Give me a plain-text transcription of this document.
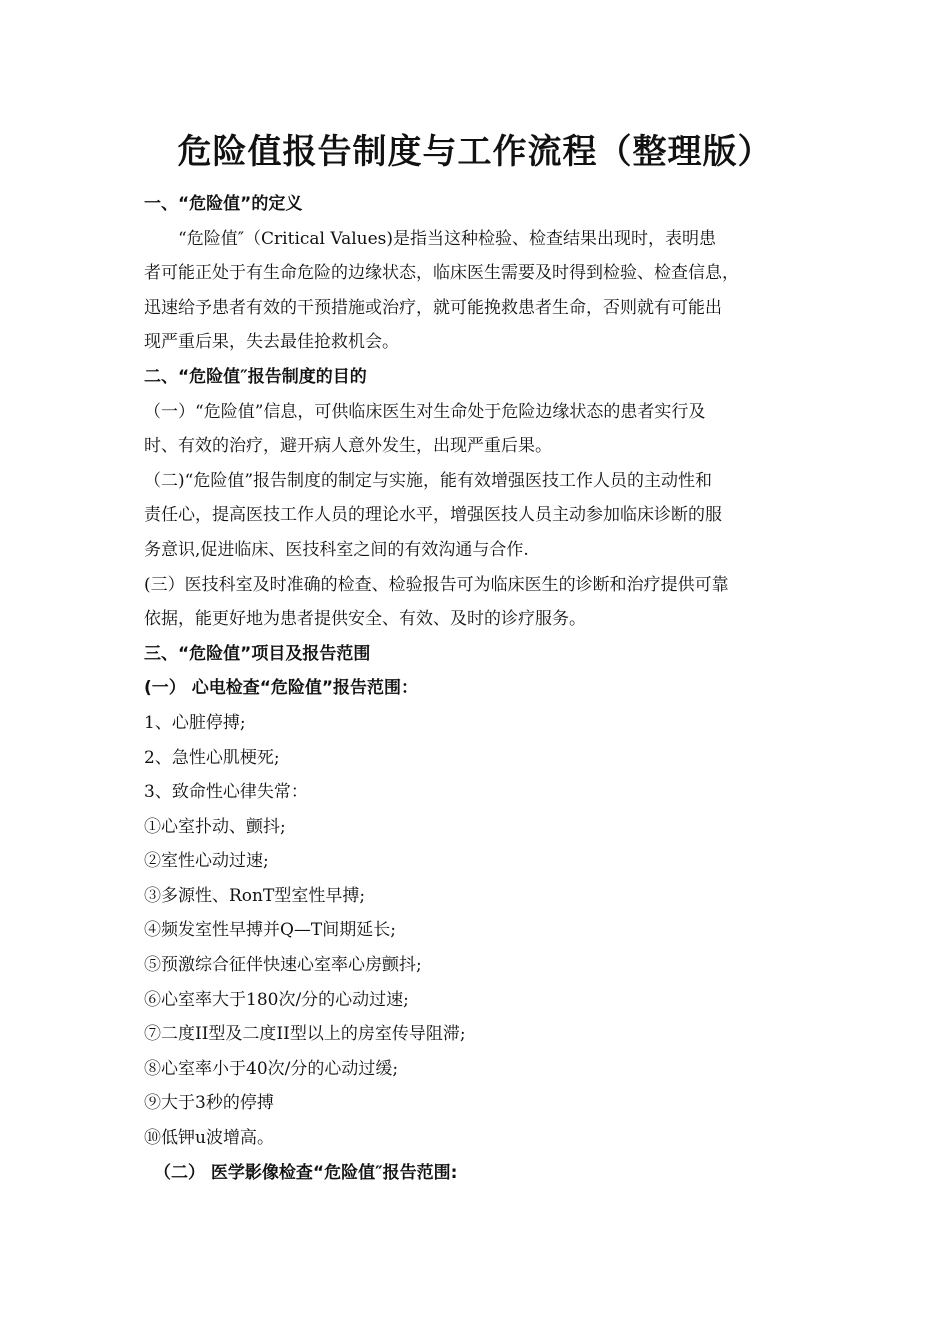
危险值报告制度与工作流程（整理版）
一、“危险值”的定义
“危险值″（Critical Values)是指当这种检验、检查结果出现时，表明患
者可能正处于有生命危险的边缘状态，临床医生需要及时得到检验、检查信息，
迅速给予患者有效的干预措施或治疗，就可能挽救患者生命，否则就有可能出
现严重后果，失去最佳抢救机会。
二、“危险值″报告制度的目的
（一）“危险值”信息，可供临床医生对生命处于危险边缘状态的患者实行及
时、有效的治疗，避开病人意外发生，出现严重后果。
（二)“危险值”报告制度的制定与实施，能有效增强医技工作人员的主动性和
责任心，提高医技工作人员的理论水平，增强医技人员主动参加临床诊断的服
务意识,促进临床、医技科室之间的有效沟通与合作.
(三）医技科室及时准确的检查、检验报告可为临床医生的诊断和治疗提供可靠
依据，能更好地为患者提供安全、有效、及时的诊疗服务。
三、“危险值”项目及报告范围
(一） 心电检查“危险值”报告范围：
1、心脏停搏;
2、急性心肌梗死;
3、致命性心律失常：
①心室扑动、颤抖;
②室性心动过速;
③多源性、RonT型室性早搏;
④频发室性早搏并Q—T间期延长;
⑤预激综合征伴快速心室率心房颤抖;
⑥心室率大于180次/分的心动过速;
⑦二度II型及二度II型以上的房室传导阻滞;
⑧心室率小于40次/分的心动过缓;
⑨大于3秒的停搏
⑩低钾u波增高。
（二） 医学影像检查“危险值″报告范围:
